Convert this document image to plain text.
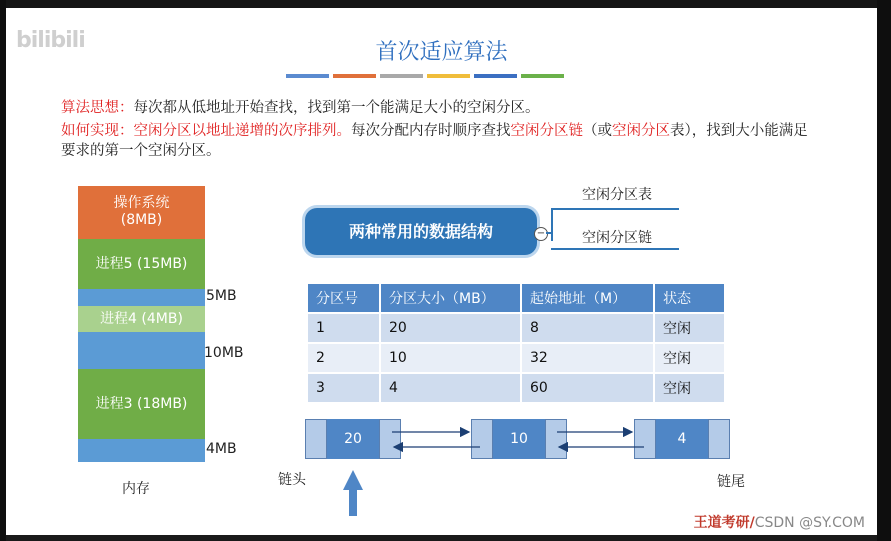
bilibili	首次适应算法
算法思想：每次都从低地址开始查找，找到第一个能满足大小的空闲分区。
如何实现：空闲分区以地址递增的次序排列。每次分配内存时顺序查找空闲分区链（或空闲分区表），找到大小能满足要求的第一个空闲分区。
操作系统
(8MB)
进程5 (15MB)
进程4 (4MB)
进程3 (18MB)
5MB
10MB
4MB
内存
两种常用的数据结构	−
空闲分区表
空闲分区链
分区号	分区大小（MB）	起始地址（M）	状态
1	20	8	空闲
2	10	32	空闲
3	4	60	空闲
20	10	4
链头	链尾
王道考研/CSDN @SY.COM
